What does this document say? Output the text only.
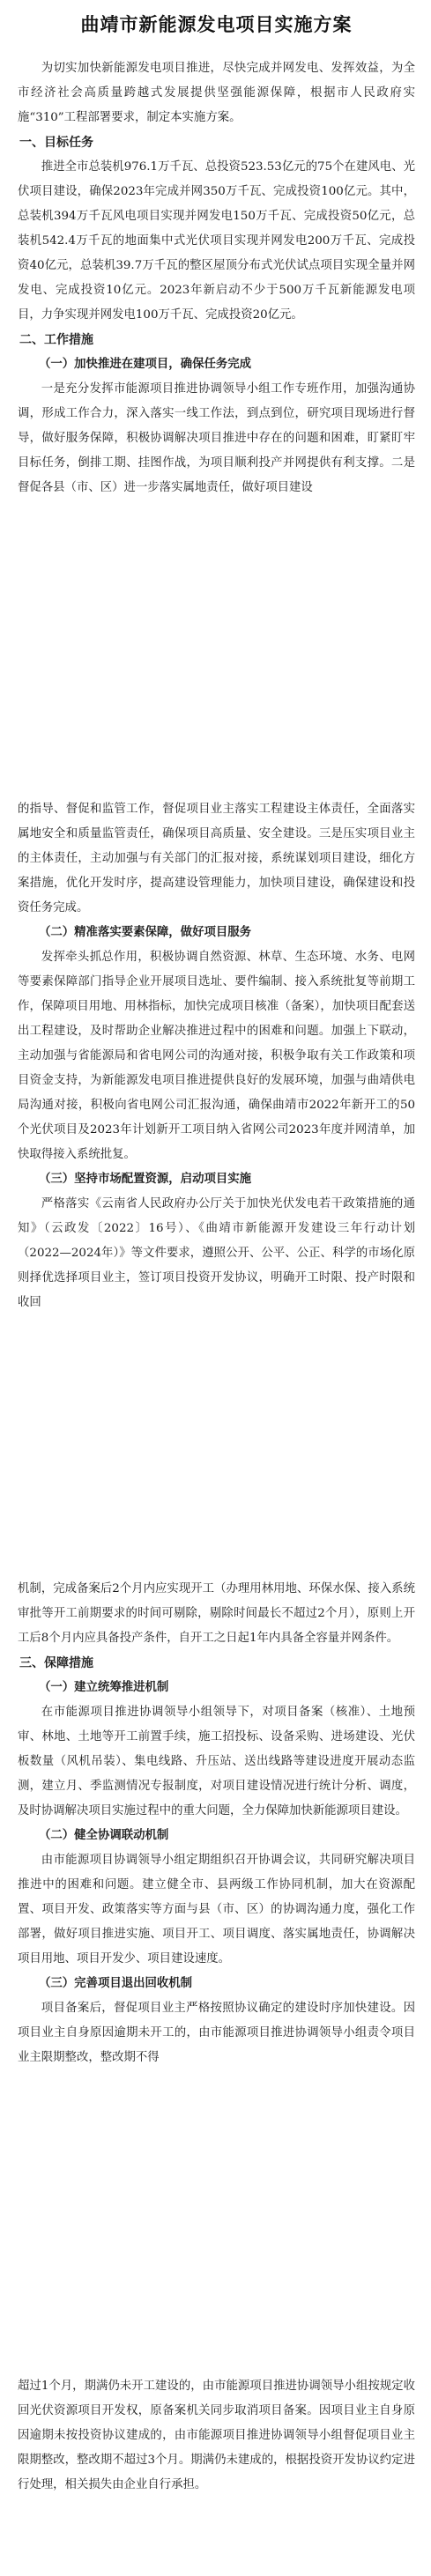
曲靖市新能源发电项目实施方案

为切实加快新能源发电项目推进，尽快完成并网发电、发挥效益，为全市经济社会高质量跨越式发展提供坚强能源保障，根据市人民政府实施“310”工程部署要求，制定本实施方案。

一、目标任务

推进全市总装机976.1万千瓦、总投资523.53亿元的75个在建风电、光伏项目建设，确保2023年完成并网350万千瓦、完成投资100亿元。其中，总装机394万千瓦风电项目实现并网发电150万千瓦、完成投资50亿元，总装机542.4万千瓦的地面集中式光伏项目实现并网发电200万千瓦、完成投资40亿元，总装机39.7万千瓦的整区屋顶分布式光伏试点项目实现全量并网发电、完成投资10亿元。2023年新启动不少于500万千瓦新能源发电项目，力争实现并网发电100万千瓦、完成投资20亿元。

二、工作措施
（一）加快推进在建项目，确保任务完成

一是充分发挥市能源项目推进协调领导小组工作专班作用，加强沟通协调，形成工作合力，深入落实一线工作法，到点到位，研究项目现场进行督导，做好服务保障，积极协调解决项目推进中存在的问题和困难，盯紧盯牢目标任务，倒排工期、挂图作战，为项目顺利投产并网提供有利支撑。二是督促各县（市、区）进一步落实属地责任，做好项目建设

的指导、督促和监管工作，督促项目业主落实工程建设主体责任，全面落实属地安全和质量监管责任，确保项目高质量、安全建设。三是压实项目业主的主体责任，主动加强与有关部门的汇报对接，系统谋划项目建设，细化方案措施，优化开发时序，提高建设管理能力，加快项目建设，确保建设和投资任务完成。

（二）精准落实要素保障，做好项目服务

发挥牵头抓总作用，积极协调自然资源、林草、生态环境、水务、电网等要素保障部门指导企业开展项目选址、要件编制、接入系统批复等前期工作，保障项目用地、用林指标，加快完成项目核准（备案），加快项目配套送出工程建设，及时帮助企业解决推进过程中的困难和问题。加强上下联动，主动加强与省能源局和省电网公司的沟通对接，积极争取有关工作政策和项目资金支持，为新能源发电项目推进提供良好的发展环境，加强与曲靖供电局沟通对接，积极向省电网公司汇报沟通，确保曲靖市2022年新开工的50个光伏项目及2023年计划新开工项目纳入省网公司2023年度并网清单，加快取得接入系统批复。

（三）坚持市场配置资源，启动项目实施

严格落实《云南省人民政府办公厅关于加快光伏发电若干政策措施的通知》（云政发〔2022〕16号）、《曲靖市新能源开发建设三年行动计划（2022—2024年）》等文件要求，遵照公开、公平、公正、科学的市场化原则择优选择项目业主，签订项目投资开发协议，明确开工时限、投产时限和收回

机制，完成备案后2个月内应实现开工（办理用林用地、环保水保、接入系统审批等开工前期要求的时间可剔除，剔除时间最长不超过2个月），原则上开工后8个月内应具备投产条件，自开工之日起1年内具备全容量并网条件。

三、保障措施
（一）建立统筹推进机制

在市能源项目推进协调领导小组领导下，对项目备案（核准）、土地预审、林地、土地等开工前置手续，施工招投标、设备采购、进场建设、光伏板数量（风机吊装）、集电线路、升压站、送出线路等建设进度开展动态监测，建立月、季监测情况专报制度，对项目建设情况进行统计分析、调度，及时协调解决项目实施过程中的重大问题，全力保障加快新能源项目建设。

（二）健全协调联动机制

由市能源项目协调领导小组定期组织召开协调会议，共同研究解决项目推进中的困难和问题。建立健全市、县两级工作协同机制，加大在资源配置、项目开发、政策落实等方面与县（市、区）的协调沟通力度，强化工作部署，做好项目推进实施、项目开工、项目调度、落实属地责任，协调解决项目用地、项目开发少、项目建设速度。

（三）完善项目退出回收机制

项目备案后，督促项目业主严格按照协议确定的建设时序加快建设。因项目业主自身原因逾期未开工的，由市能源项目推进协调领导小组责令项目业主限期整改，整改期不得

超过1个月，期满仍未开工建设的，由市能源项目推进协调领导小组按规定收回光伏资源项目开发权，原备案机关同步取消项目备案。因项目业主自身原因逾期未按投资协议建成的，由市能源项目推进协调领导小组督促项目业主限期整改，整改期不超过3个月。期满仍未建成的，根据投资开发协议约定进行处理，相关损失由企业自行承担。
